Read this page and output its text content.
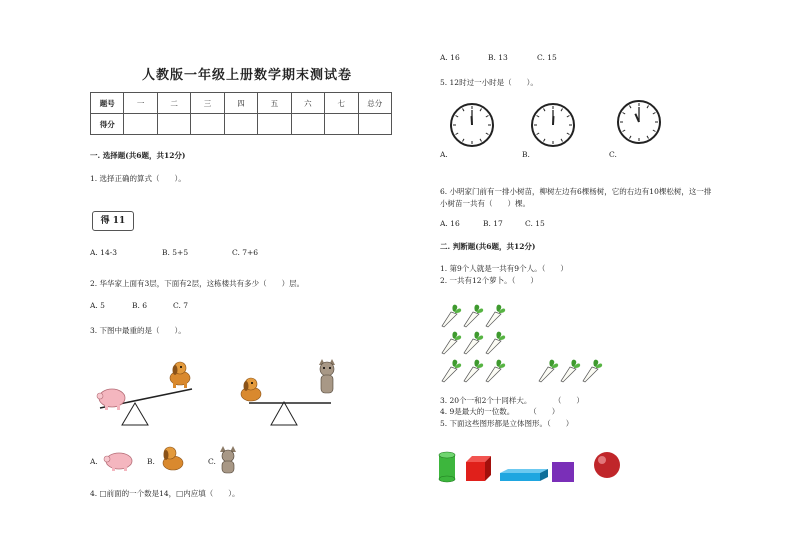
人教版一年级上册数学期末测试卷
题号	一	二	三	四	五	六	七	总分
得分								
一. 选择题(共6题，共12分)
1. 选择正确的算式（　　）。
得 11
A. 14-3	B. 5+5	C. 7+6
2. 华华家上面有3层，下面有2层，这栋楼共有多少（　　）层。
A. 5	B. 6	C. 7
3. 下图中最重的是（　　）。
A.	B.	C.
4. □前面的一个数是14，□内应填（　　）。
A. 16	B. 13	C. 15
5. 12时过一小时是（　　）。
A.	B.	C.
6. 小明家门前有一排小树苗，柳树左边有6棵杨树，它的右边有10棵松树，这一排
小树苗一共有（　　）棵。
A. 16	B. 17	C. 15
二. 判断题(共6题，共12分)
1. 第9个人就是一共有9个人。（　　）
2. 一共有12个萝卜。（　　）
3. 20个一和2个十同样大。　　　　（　　）
4. 9是最大的一位数。　　　（　　）
5. 下面这些图形都是立体图形。（　　）
